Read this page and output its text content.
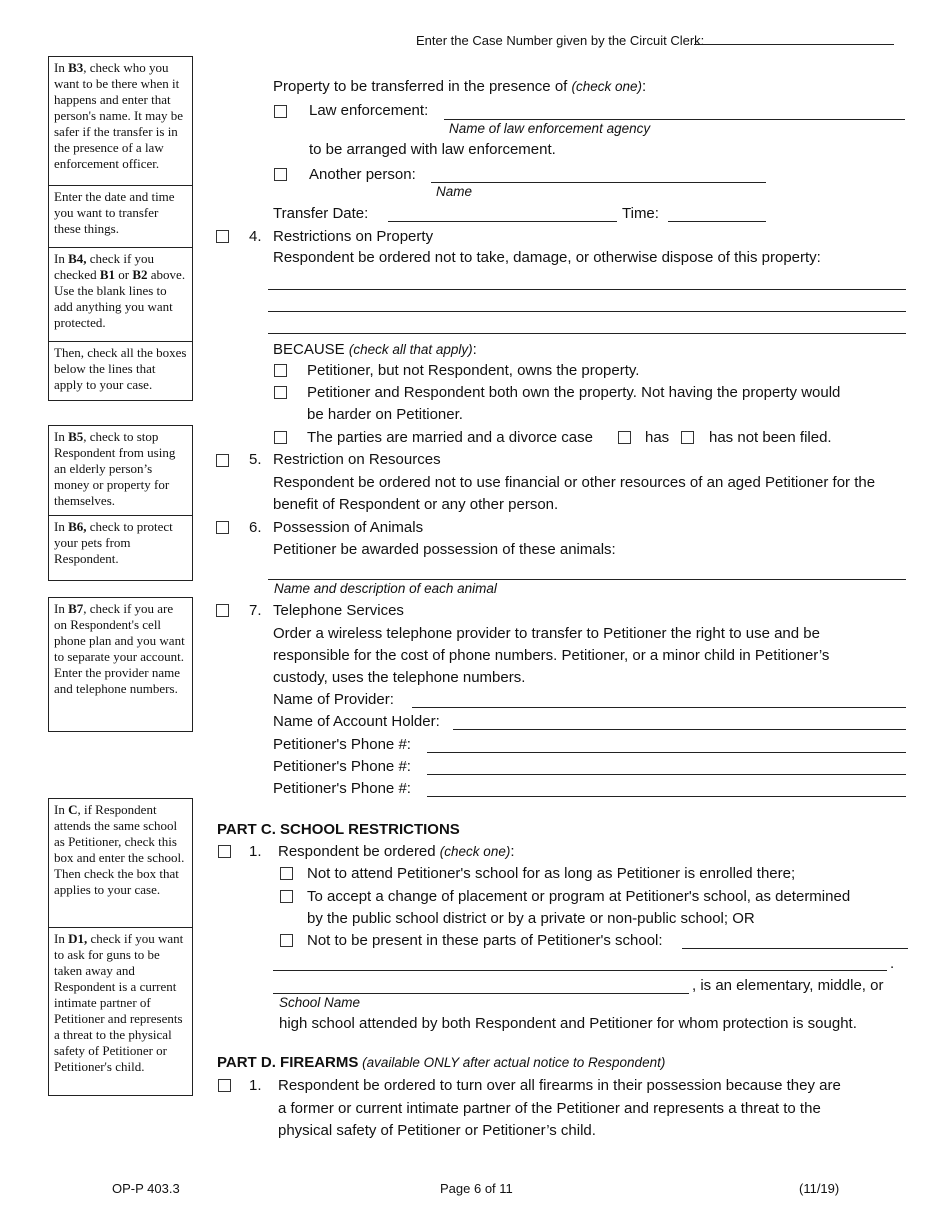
Enter the Case Number given by the Circuit Clerk:
In B3, check who you want to be there when it happens and enter that person's name. It may be safer if the transfer is in the presence of a law enforcement officer.
Enter the date and time you want to transfer these things.
In B4, check if you checked B1 or B2 above. Use the blank lines to add anything you want protected.
Then, check all the boxes below the lines that apply to your case.
In B5, check to stop Respondent from using an elderly person’s money or property for themselves.
In B6, check to protect your pets from Respondent.
In B7, check if you are on Respondent's cell phone plan and you want to separate your account. Enter the provider name and telephone numbers.
In C, if Respondent attends the same school as Petitioner, check this box and enter the school. Then check the box that applies to your case.
In D1, check if you want to ask for guns to be taken away and Respondent is a current intimate partner of Petitioner and represents a threat to the physical safety of Petitioner or Petitioner's child.
Property to be transferred in the presence of (check one):
Law enforcement:
Name of law enforcement agency
to be arranged with law enforcement.
Another person:
Name
Transfer Date:	Time:
4. Restrictions on Property
Respondent be ordered not to take, damage, or otherwise dispose of this property:
BECAUSE (check all that apply):
Petitioner, but not Respondent, owns the property.
Petitioner and Respondent both own the property. Not having the property would
be harder on Petitioner.
The parties are married and a divorce case	has	has not been filed.
5. Restriction on Resources
Respondent be ordered not to use financial or other resources of an aged Petitioner for the
benefit of Respondent or any other person.
6. Possession of Animals
Petitioner be awarded possession of these animals:
Name and description of each animal
7. Telephone Services
Order a wireless telephone provider to transfer to Petitioner the right to use and be
responsible for the cost of phone numbers. Petitioner, or a minor child in Petitioner’s
custody, uses the telephone numbers.
Name of Provider:
Name of Account Holder:
Petitioner's Phone #:
Petitioner's Phone #:
Petitioner's Phone #:
PART C. SCHOOL RESTRICTIONS
1. Respondent be ordered (check one):
Not to attend Petitioner's school for as long as Petitioner is enrolled there;
To accept a change of placement or program at Petitioner's school, as determined
by the public school district or by a private or non-public school; OR
Not to be present in these parts of Petitioner's school:
.
, is an elementary, middle, or
School Name
high school attended by both Respondent and Petitioner for whom protection is sought.
PART D. FIREARMS (available ONLY after actual notice to Respondent)
1. Respondent be ordered to turn over all firearms in their possession because they are
a former or current intimate partner of the Petitioner and represents a threat to the
physical safety of Petitioner or Petitioner’s child.
OP-P 403.3	Page 6 of 11	(11/19)
